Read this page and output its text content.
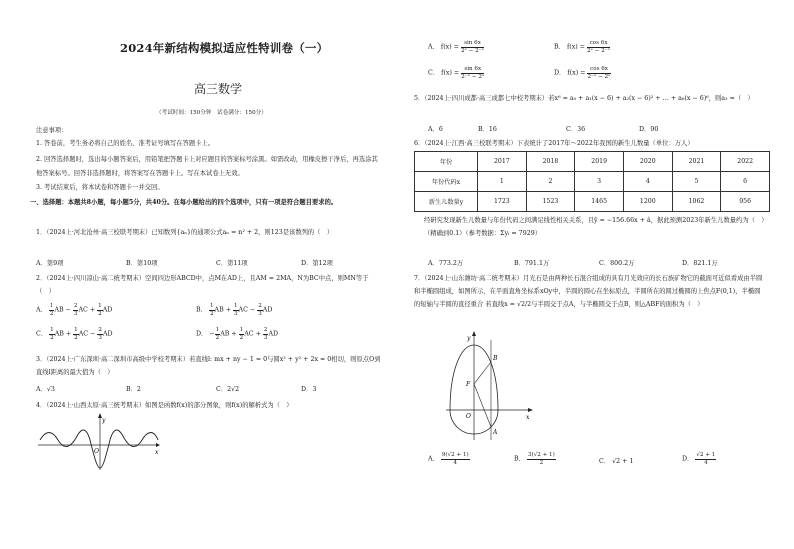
2024年新结构模拟适应性特训卷（一）
高三数学
（考试时间：150分钟　试卷满分：150分）
注意事项：
1. 答卷前，考生务必将自己的姓名、准考证号填写在答题卡上。
2. 回答选择题时，选出每小题答案后，用铅笔把答题卡上对应题目的答案标号涂黑。如需改动，用橡皮擦干净后，再选涂其他答案标号。回答非选择题时，将答案写在答题卡上。写在本试卷上无效。
3. 考试结束后，将本试卷和答题卡一并交回。
一、选择题：本题共8小题，每小题5分，共40分。在每小题给出的四个选项中，只有一项是符合题目要求的。
1．（2024上·河北沧州·高三校联考期末）已知数列{aₙ}的通项公式aₙ = n² + 2，则123是该数列的（　）
A．第9项	B．第10项	C．第11项	D．第12项
2．（2024上·四川凉山·高二统考期末）空间四边形ABCD中，点M在AD上，且AM = 2MA，N为BC中点，则MN等于（　）
A． $\frac{1}{2}$ AB − $\frac{2}{3}$ AC + $\frac{1}{2}$ AD	B． $\frac{1}{2}$ AB + $\frac{1}{3}$ AC − $\frac{2}{3}$ AD
C． $\frac{1}{2}$ AB + $\frac{1}{2}$ AC − $\frac{2}{3}$ AD	D． − $\frac{1}{2}$ AB + $\frac{1}{2}$ AC + $\frac{2}{3}$ AD
3．（2024上·广东深圳·高二深圳市高级中学校考期末）若直线l: mx + ny − 1 = 0与圆x² + y² + 2x = 0相切，则原点O到直线l距离的最大值为（　）
A．√3	B．2	C．2√2	D．3
4．（2024上·山西太原·高三统考期末）如图是函数f(x)的部分图象，则f(x)的解析式为（　）
y
x
O
A． $f(x) = \frac{\sin 6x}{\text{2ˣ − 2⁻ˣ}}$	B． $f(x) = \frac{\cos 6x}{\text{2ˣ − 2⁻ˣ}}$
C． $f(x) = \frac{\sin 6x}{\text{2⁻ˣ − 2ˣ}}$	D． $f(x) = \frac{\cos 6x}{\text{2⁻ˣ − 2ˣ}}$
5．（2024上·四川成都·高三成都七中校考期末）若x⁶ = a₀ + a₁(x − 6) + a₂(x − 6)² + … + a₆(x − 6)⁶，则a₃ =（　）
A．6	B．16	C．36	D．90
6．（2024上·江西·高三校联考期末）下表统计了2017年～2022年我国的新生儿数量（单位：万人）
年份	2017	2018	2019	2020	2021	2022
年份代码x	1	2	3	4	5	6
新生儿数量y	1723	1523	1465	1200	1062	956
经研究发现新生儿数量与年份代码之间满足线性相关关系，且ŷ = −156.66x + â，据此预测2023年新生儿数量约为（　）（精确到0.1）（参考数据：Σyᵢ = 7929）
A．773.2万	B．791.1万	C．800.2万	D．821.1万
7．（2024上·山东潍坊·高二统考期末）月光石是由两种长石混合组成的具有月光效应的长石族矿物它的截面可近似看成由半圆和半椭圆组成，如图所示，在平面直角坐标系xOy中，半圆的圆心在坐标原点，半圆所在的圆过椭圆的上焦点F(0,1)，半椭圆的短轴与半圆的直径重合 若直线x = √2/2与半圆交于点A，与半椭圆交于点B，则△ABF的面积为（　）
y
x
O
F
B
A
A． $\frac{9(√2 + 1)}{4}$	B． $\frac{3(√2 + 1)}{2}$	C． √2 + 1	D． $\frac{√2 + 1}{4}$
